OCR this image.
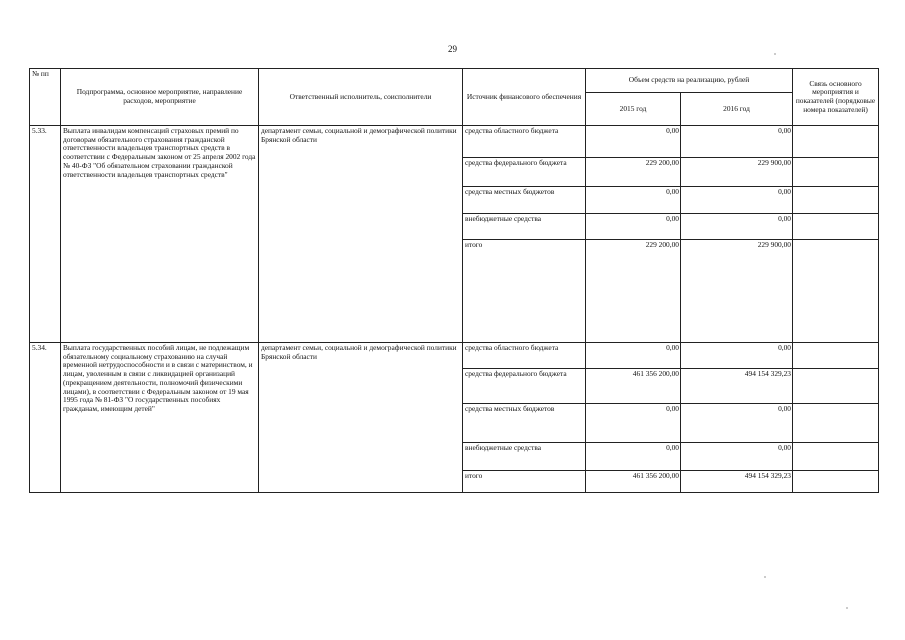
29
№ пп	Подпрограмма, основное мероприятие, направление расходов, мероприятие	Ответственный исполнитель, соисполнители	Источник финансового обеспечения	Объем средств на реализацию, рублей		Связь основного мероприятия и показателей (порядковые номера показателей)
				2015 год	2016 год	
5.33.	Выплата инвалидам компенсаций страховых премий по договорам обязательного страхования гражданской ответственности владельцев транспортных средств в соответствии с Федеральным законом от 25 апреля 2002 года № 40-ФЗ "Об обязательном страховании гражданской ответственности владельцев транспортных средств"	департамент семьи, социальной и демографической политики Брянской области	средства областного бюджета	0,00	0,00	
			средства федерального бюджета	229 200,00	229 900,00	
			средства местных бюджетов	0,00	0,00	
			внебюджетные средства	0,00	0,00	
			итого	229 200,00	229 900,00	
5.34.	Выплата государственных пособий лицам, не подлежащим обязательному социальному страхованию на случай временной нетрудоспособности и в связи с материнством, и лицам, уволенным в связи с ликвидацией организаций (прекращением деятельности, полномочий физическими лицами), в соответствии с Федеральным законом от 19 мая 1995 года № 81-ФЗ "О государственных пособиях гражданам, имеющим детей"	департамент семьи, социальной и демографической политики Брянской области	средства областного бюджета	0,00	0,00	
			средства федерального бюджета	461 356 200,00	494 154 329,23	
			средства местных бюджетов	0,00	0,00	
			внебюджетные средства	0,00	0,00	
			итого	461 356 200,00	494 154 329,23	
